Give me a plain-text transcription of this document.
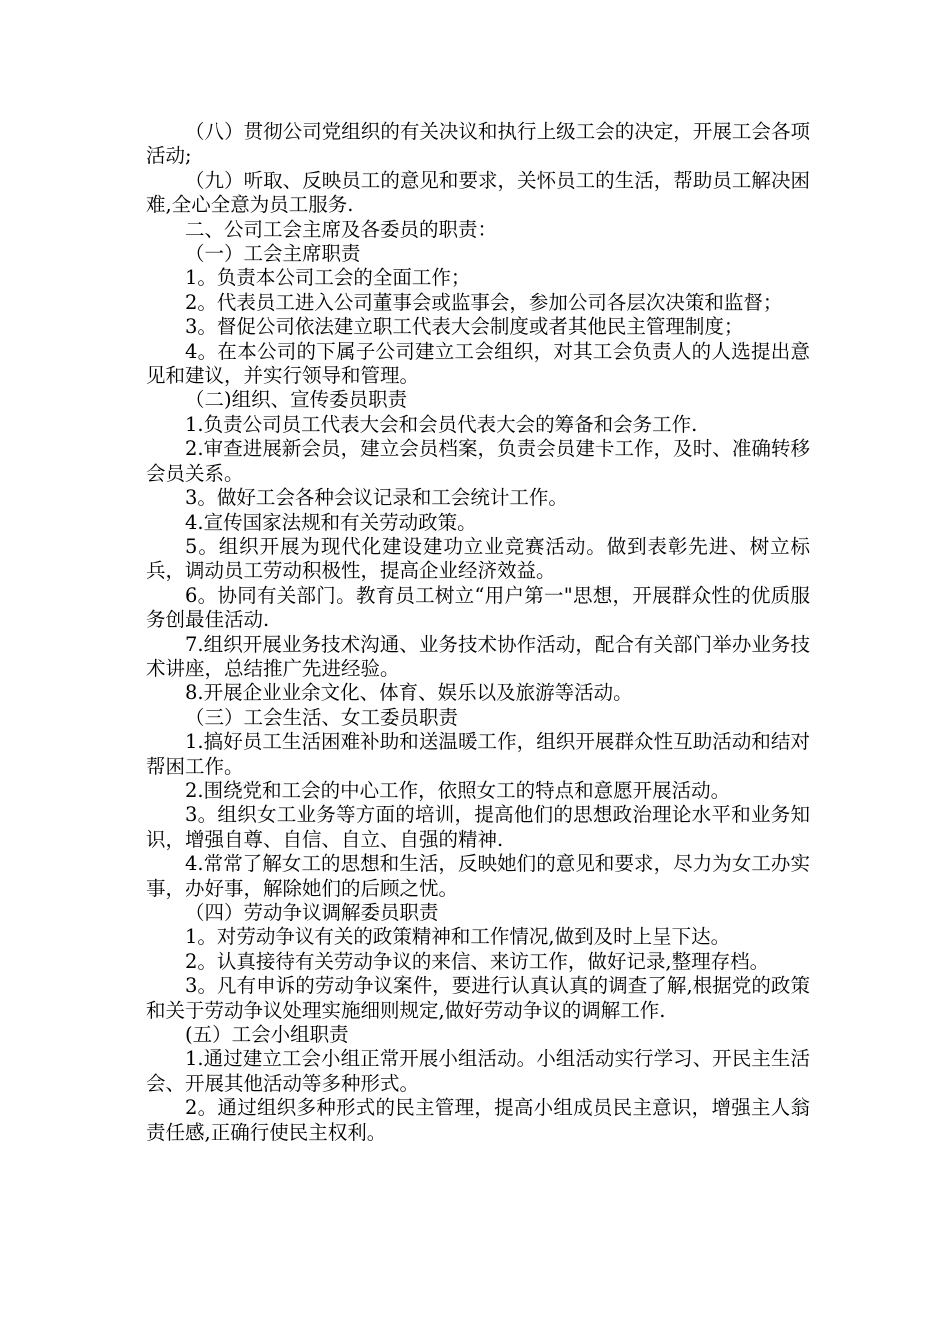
（八）贯彻公司党组织的有关决议和执行上级工会的决定，开展工会各项活动;

（九）听取、反映员工的意见和要求，关怀员工的生活，帮助员工解决困难,全心全意为员工服务.

二、公司工会主席及各委员的职责：

（一）工会主席职责

1。负责本公司工会的全面工作；

2。代表员工进入公司董事会或监事会，参加公司各层次决策和监督；

3。督促公司依法建立职工代表大会制度或者其他民主管理制度；

4。在本公司的下属子公司建立工会组织，对其工会负责人的人选提出意见和建议，并实行领导和管理。

（二)组织、宣传委员职责

1.负责公司员工代表大会和会员代表大会的筹备和会务工作.

2.审查进展新会员，建立会员档案，负责会员建卡工作，及时、准确转移会员关系。

3。做好工会各种会议记录和工会统计工作。

4.宣传国家法规和有关劳动政策。

5。组织开展为现代化建设建功立业竞赛活动。做到表彰先进、树立标兵，调动员工劳动积极性，提高企业经济效益。

6。协同有关部门。教育员工树立“用户第一"思想，开展群众性的优质服务创最佳活动.

7.组织开展业务技术沟通、业务技术协作活动，配合有关部门举办业务技术讲座，总结推广先进经验。

8.开展企业业余文化、体育、娱乐以及旅游等活动。

（三）工会生活、女工委员职责

1.搞好员工生活困难补助和送温暖工作，组织开展群众性互助活动和结对帮困工作。

2.围绕党和工会的中心工作，依照女工的特点和意愿开展活动。

3。组织女工业务等方面的培训，提高他们的思想政治理论水平和业务知识，增强自尊、自信、自立、自强的精神.

4.常常了解女工的思想和生活，反映她们的意见和要求，尽力为女工办实事，办好事，解除她们的后顾之忧。

（四）劳动争议调解委员职责

1。对劳动争议有关的政策精神和工作情况,做到及时上呈下达。

2。认真接待有关劳动争议的来信、来访工作，做好记录,整理存档。

3。凡有申诉的劳动争议案件，要进行认真认真的调查了解,根据党的政策和关于劳动争议处理实施细则规定,做好劳动争议的调解工作.

(五）工会小组职责

1.通过建立工会小组正常开展小组活动。小组活动实行学习、开民主生活会、开展其他活动等多种形式。

2。通过组织多种形式的民主管理，提高小组成员民主意识，增强主人翁责任感,正确行使民主权利。
